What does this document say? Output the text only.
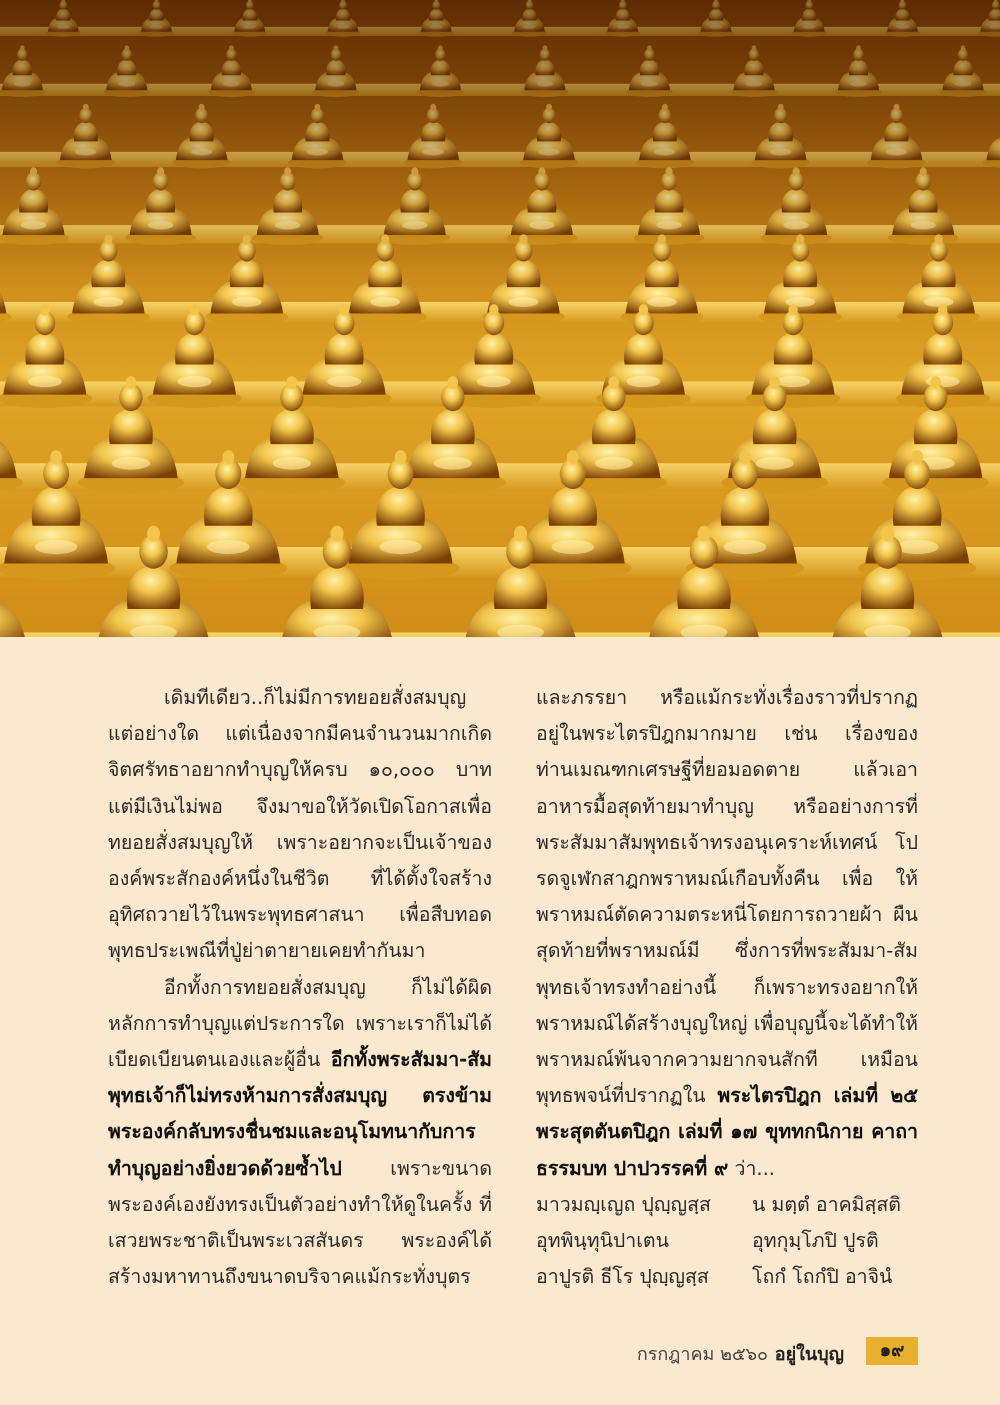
เดิมทีเดียว..ก็ไม่มีการทยอยสั่งสมบุญ แต่อย่างใด แต่เนื่องจากมีคนจำนวนมากเกิด จิตศรัทธาอยากทำบุญให้ครบ ๑๐,๐๐๐ บาท แต่มีเงินไม่พอ จึงมาขอให้วัดเปิดโอกาสเพื่อ ทยอยสั่งสมบุญให้ เพราะอยากจะเป็นเจ้าของ องค์พระสักองค์หนึ่งในชีวิต ที่ได้ตั้งใจสร้าง อุทิศถวายไว้ในพระพุทธศาสนา เพื่อสืบทอด พุทธประเพณีที่ปู่ย่าตายายเคยทำกันมา

อีกทั้งการทยอยสั่งสมบุญ ก็ไม่ได้ผิด หลักการทำบุญแต่ประการใด เพราะเราก็ไม่ได้ เบียดเบียนตนเองและผู้อื่น อีกทั้งพระสัมมา-สัมพุทธเจ้าก็ไม่ทรงห้ามการสั่งสมบุญ ตรงข้าม พระองค์กลับทรงชื่นชมและอนุโมทนากับการ ทำบุญอย่างยิ่งยวดด้วยซ้ำไป เพราะขนาด พระองค์เองยังทรงเป็นตัวอย่างทำให้ดูในครั้ง ที่เสวยพระชาติเป็นพระเวสสันดร พระองค์ได้ สร้างมหาทานถึงขนาดบริจาคแม้กระทั่งบุตร

และภรรยา หรือแม้กระทั่งเรื่องราวที่ปรากฏ อยู่ในพระไตรปิฎกมากมาย เช่น เรื่องของ ท่านเมณฑกเศรษฐีที่ยอมอดตาย แล้วเอา อาหารมื้อสุดท้ายมาทำบุญ หรืออย่างการที่ พระสัมมาสัมพุทธเจ้าทรงอนุเคราะห์เทศน์ โปรดจูเฬกสาฎกพราหมณ์เกือบทั้งคืน เพื่อ ให้พราหมณ์ตัดความตระหนี่โดยการถวายผ้า ผืนสุดท้ายที่พราหมณ์มี ซึ่งการที่พระสัมมา-สัมพุทธเจ้าทรงทำอย่างนี้ ก็เพราะทรงอยากให้ พราหมณ์ได้สร้างบุญใหญ่ เพื่อบุญนี้จะได้ทำให้ พราหมณ์พ้นจากความยากจนสักที เหมือน พุทธพจน์ที่ปรากฏใน พระไตรปิฎก เล่มที่ ๒๕ พระสุตตันตปิฎก เล่มที่ ๑๗ ขุททกนิกาย คาถา ธรรมบท ปาปวรรคที่ ๙ ว่า...

มาวมญฺเญถ ปุญฺญสฺส	น มตฺตํ อาคมิสฺสติ
อุทพินฺทุนิปาเตน	อุทกุมฺโภปิ ปูรติ
อาปูรติ ธีโร ปุญฺญสฺส	โถกํ โถกํปิ อาจินํ
กรกฎาคม ๒๕๖๐ อยู่ในบุญ	๑๙
